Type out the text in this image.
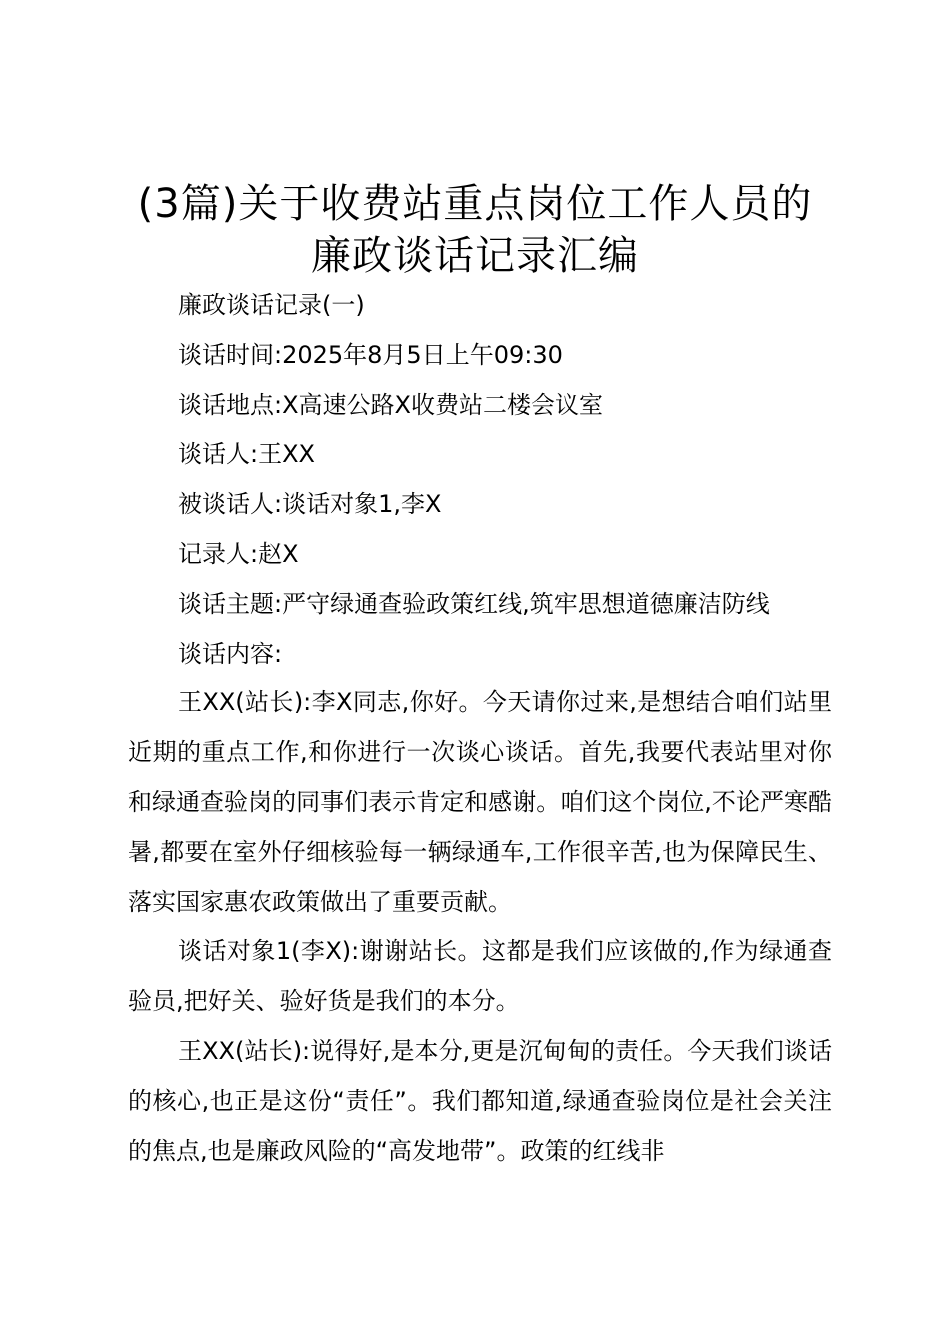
(3篇)关于收费站重点岗位工作人员的
廉政谈话记录汇编
廉政谈话记录(一)
谈话时间:2025年8月5日上午09:30
谈话地点:X高速公路X收费站二楼会议室
谈话人:王XX
被谈话人:谈话对象1,李X
记录人:赵X
谈话主题:严守绿通查验政策红线,筑牢思想道德廉洁防线
谈话内容:

王XX(站长):李X同志,你好。今天请你过来,是想结合咱们站里近期的重点工作,和你进行一次谈心谈话。首先,我要代表站里对你和绿通查验岗的同事们表示肯定和感谢。咱们这个岗位,不论严寒酷暑,都要在室外仔细核验每一辆绿通车,工作很辛苦,也为保障民生、落实国家惠农政策做出了重要贡献。

谈话对象1(李X):谢谢站长。这都是我们应该做的,作为绿通查验员,把好关、验好货是我们的本分。

王XX(站长):说得好,是本分,更是沉甸甸的责任。今天我们谈话的核心,也正是这份“责任”。我们都知道,绿通查验岗位是社会关注的焦点,也是廉政风险的“高发地带”。政策的红线非
